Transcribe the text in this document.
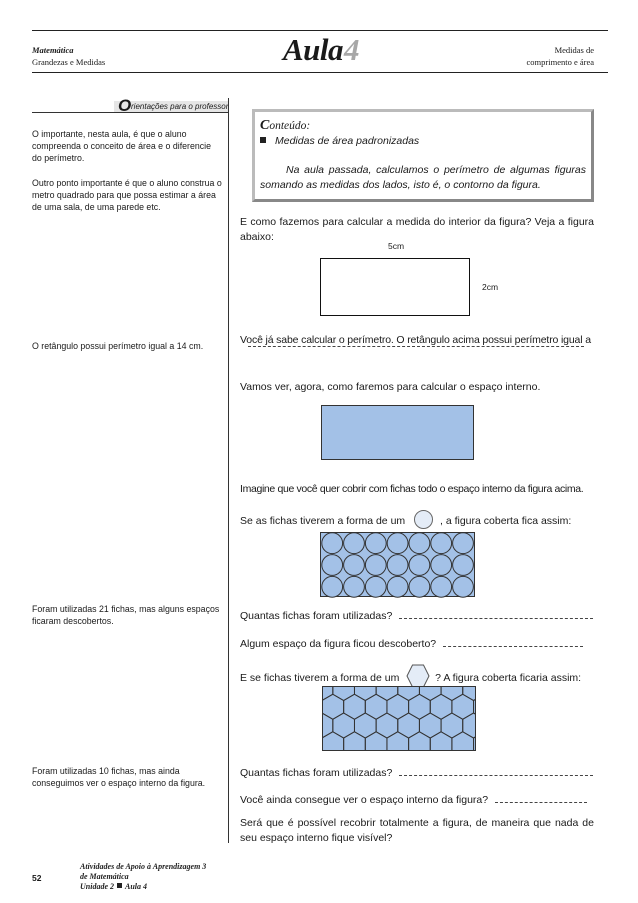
Matemática
Grandezas e Medidas	Aula4	Medidas de
comprimento e área
O rientações para o professor
O importante, nesta aula, é que o aluno compreenda o conceito de área e o diferencie do perímetro.
Outro ponto importante é que o aluno construa o metro quadrado para que possa estimar a área de uma sala, de uma parede etc.
O retângulo possui perímetro igual a 14 cm.
Foram utilizadas 21 fichas, mas alguns espaços ficaram descobertos.
Foram utilizadas 10 fichas, mas ainda conseguimos ver o espaço interno da figura.
Conteúdo:
Medidas de área padronizadas
Na aula passada, calculamos o perímetro de algumas figuras somando as medidas dos lados, isto é, o contorno da figura.
E como fazemos para calcular a medida do interior da figura? Veja a figura abaixo:
5cm
2cm
Você já sabe calcular o perímetro. O retângulo acima possui perímetro igual a
Vamos ver, agora, como faremos para calcular o espaço interno.
Imagine que você quer cobrir com fichas todo o espaço interno da figura acima.
Se as fichas tiverem a forma de um	, a figura coberta fica assim:
Quantas fichas foram utilizadas?
Algum espaço da figura ficou descoberto?
E se fichas tiverem a forma de um	? A figura coberta ficaria assim:
Quantas fichas foram utilizadas?
Você ainda consegue ver o espaço interno da figura?
Será que é possível recobrir totalmente a figura, de maneira que nada de seu espaço interno fique visível?
52
Atividades de Apoio à Aprendizagem 3
de Matemática
Unidade 2 Aula 4
